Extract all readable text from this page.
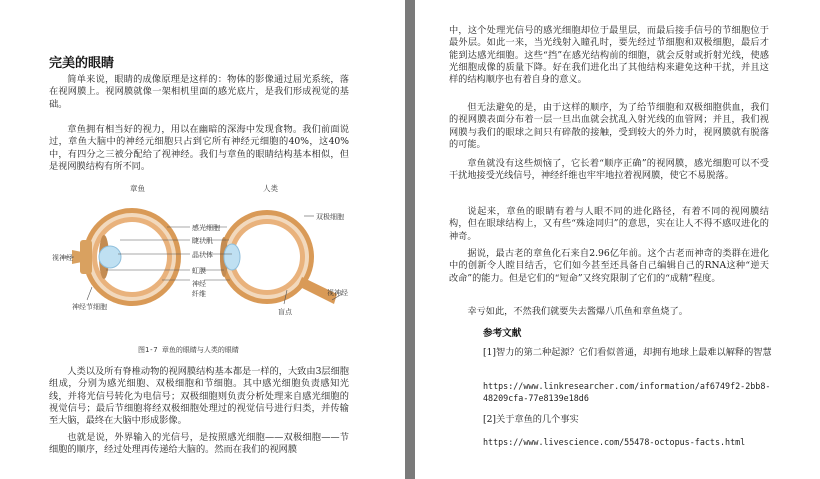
完美的眼睛

简单来说，眼睛的成像原理是这样的：物体的影像通过屈光系统，落在视网膜上。视网膜就像一架相机里面的感光底片，是我们形成视觉的基础。

章鱼拥有相当好的视力，用以在幽暗的深海中发现食物。我们前面说过，章鱼大脑中的神经元细胞只占到它所有神经元细胞的40%，这40%中，有四分之三被分配给了视神经。我们与章鱼的眼睛结构基本相似，但是视网膜结构有所不同。

章鱼	人类
感光细胞
睫状肌
晶状体
虹膜
神经
纤维
视神经
神经节细胞
双极细胞
视神经
盲点

图1-7 章鱼的眼睛与人类的眼睛

人类以及所有脊椎动物的视网膜结构基本都是一样的，大致由3层细胞组成，分别为感光细胞、双极细胞和节细胞。其中感光细胞负责感知光线，并将光信号转化为电信号；双极细胞则负责分析处理来自感光细胞的视觉信号；最后节细胞将经双极细胞处理过的视觉信号进行归类，并传输至大脑，最终在大脑中形成影像。

也就是说，外界输入的光信号，是按照感光细胞——双极细胞——节细胞的顺序，经过处理再传递给大脑的。然而在我们的视网膜

中，这个处理光信号的感光细胞却位于最里层，而最后接手信号的节细胞位于最外层。如此一来，当光线射入瞳孔时，要先经过节细胞和双极细胞，最后才能到达感光细胞。这些“挡”在感光结构前的细胞，就会反射或折射光线，使感光细胞成像的质量下降。好在我们进化出了其他结构来避免这种干扰，并且这样的结构顺序也有着自身的意义。

但无法避免的是，由于这样的顺序，为了给节细胞和双极细胞供血，我们的视网膜表面分布着一层一旦出血就会扰乱入射光线的血管网；并且，我们视网膜与我们的眼球之间只有碎散的接触，受到较大的外力时，视网膜就有脱落的可能。

章鱼就没有这些烦恼了，它长着“顺序正确”的视网膜，感光细胞可以不受干扰地接受光线信号，神经纤维也牢牢地拉着视网膜，使它不易脱落。

说起来，章鱼的眼睛有着与人眼不同的进化路径，有着不同的视网膜结构，但在眼球结构上，又有些“殊途同归”的意思，实在让人不得不感叹进化的神奇。

据说，最古老的章鱼化石来自2.96亿年前。这个古老而神奇的类群在进化中的创新令人瞠目结舌，它们如今甚至还具备自己编辑自己的RNA这种“逆天改命”的能力。但是它们的“短命”又终究限制了它们的“成精”程度。

幸亏如此，不然我们就要失去酱爆八爪鱼和章鱼烧了。

参考文献

[1]智力的第二种起源？它们看似普通，却拥有地球上最难以解释的智慧

https://www.linkresearcher.com/information/af6749f2-2bb8-48209cfa-77e8139e18d6

[2]关于章鱼的几个事实

https://www.livescience.com/55478-octopus-facts.html
